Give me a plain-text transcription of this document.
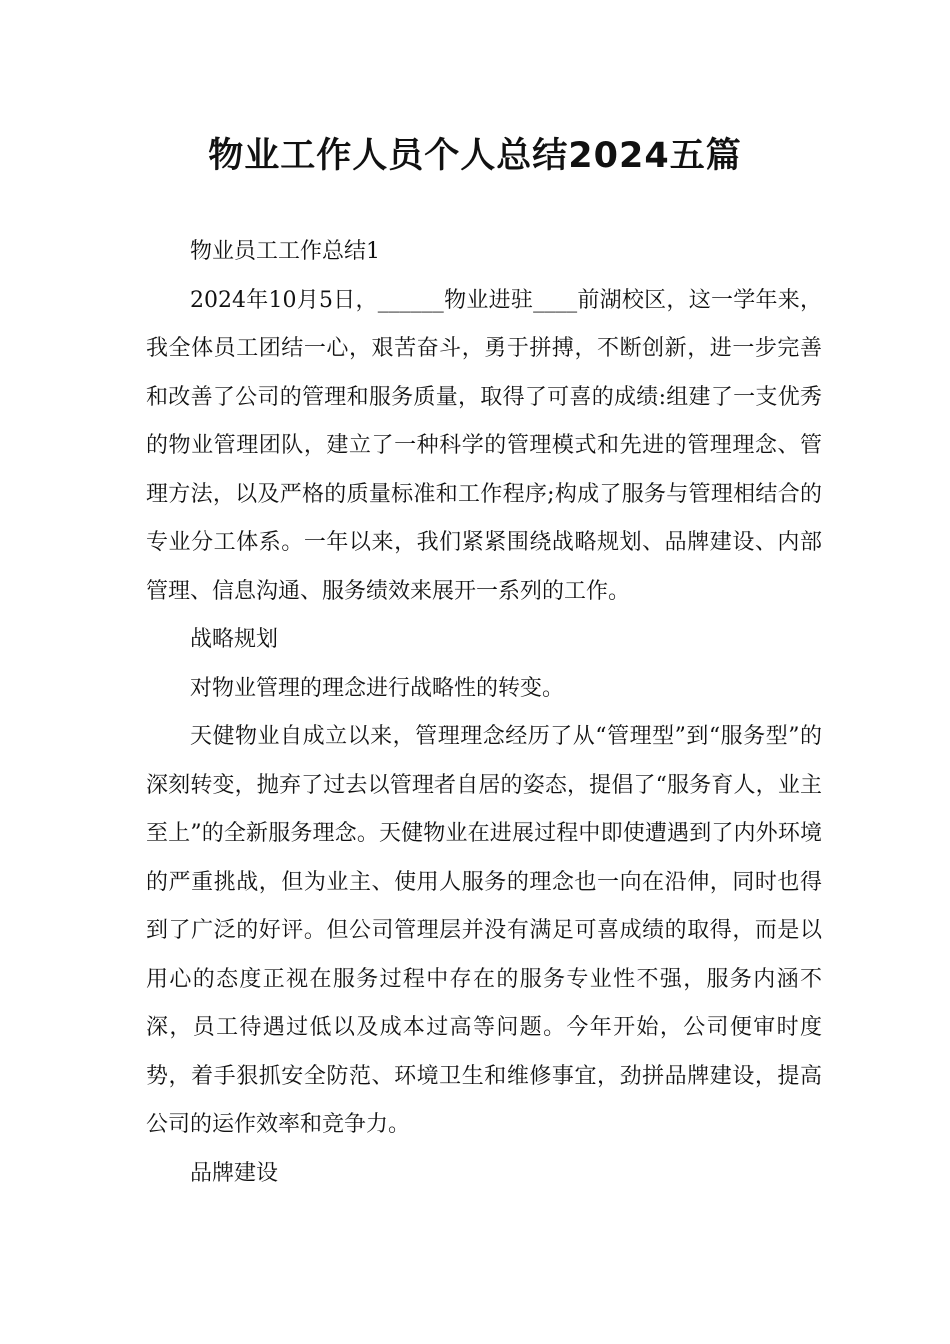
物业工作人员个人总结2024五篇

物业员工工作总结1

2024年10月5日，______物业进驻____前湖校区，这一学年来，我全体员工团结一心，艰苦奋斗，勇于拼搏，不断创新，进一步完善和改善了公司的管理和服务质量，取得了可喜的成绩:组建了一支优秀的物业管理团队，建立了一种科学的管理模式和先进的管理理念、管理方法，以及严格的质量标准和工作程序;构成了服务与管理相结合的专业分工体系。一年以来，我们紧紧围绕战略规划、品牌建设、内部管理、信息沟通、服务绩效来展开一系列的工作。

战略规划

对物业管理的理念进行战略性的转变。

天健物业自成立以来，管理理念经历了从“管理型”到“服务型”的深刻转变，抛弃了过去以管理者自居的姿态，提倡了“服务育人，业主至上”的全新服务理念。天健物业在进展过程中即使遭遇到了内外环境的严重挑战，但为业主、使用人服务的理念也一向在沿伸，同时也得到了广泛的好评。但公司管理层并没有满足可喜成绩的取得，而是以用心的态度正视在服务过程中存在的服务专业性不强，服务内涵不深，员工待遇过低以及成本过高等问题。今年开始，公司便审时度势，着手狠抓安全防范、环境卫生和维修事宜，劲拼品牌建设，提高公司的运作效率和竞争力。

品牌建设
